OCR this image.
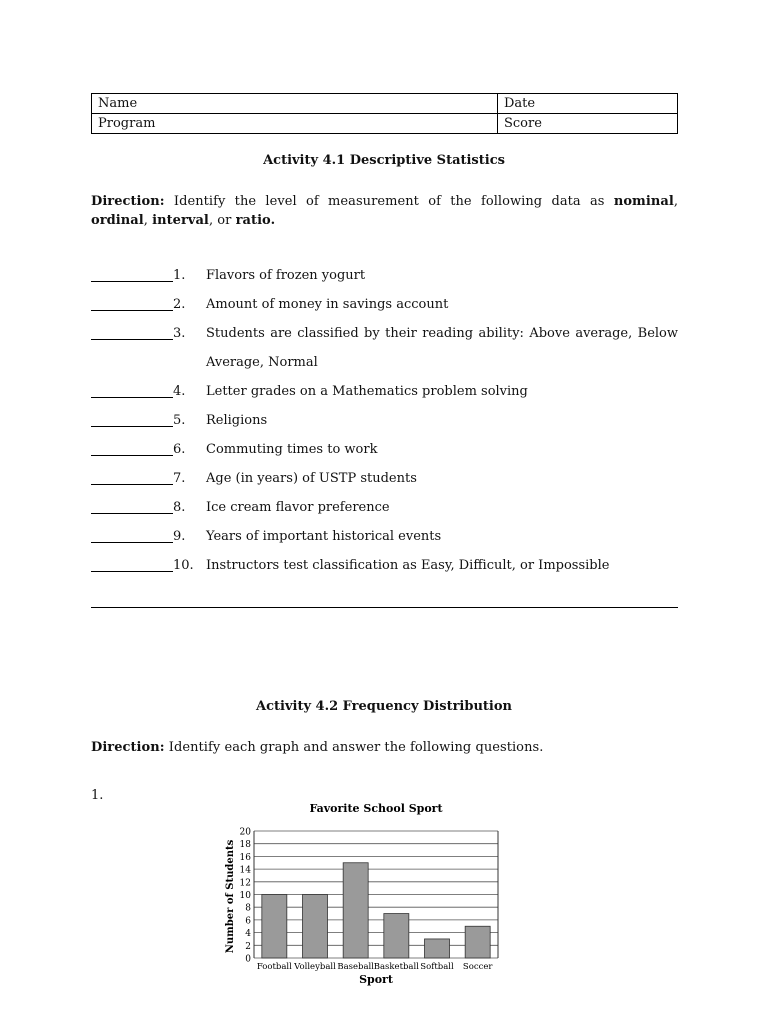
Name	Date
Program	Score
Activity 4.1 Descriptive Statistics
Direction: Identify the level of measurement of the following data as nominal, ordinal, interval, or ratio.
1.	Flavors of frozen yogurt
2.	Amount of money in savings account
3.	Students are classified by their reading ability: Above average, Below Average, Normal
4.	Letter grades on a Mathematics problem solving
5.	Religions
6.	Commuting times to work
7.	Age (in years) of USTP students
8.	Ice cream flavor preference
9.	Years of important historical events
10. Instructors test classification as Easy, Difficult, or Impossible
Activity 4.2 Frequency Distribution
Direction: Identify each graph and answer the following questions.
1.
Favorite School Sport
0
2
4
6
8
10
12
14
16
18
20
Football Volleyball Baseball Basketball Softball Soccer
Sport
Number of Students
